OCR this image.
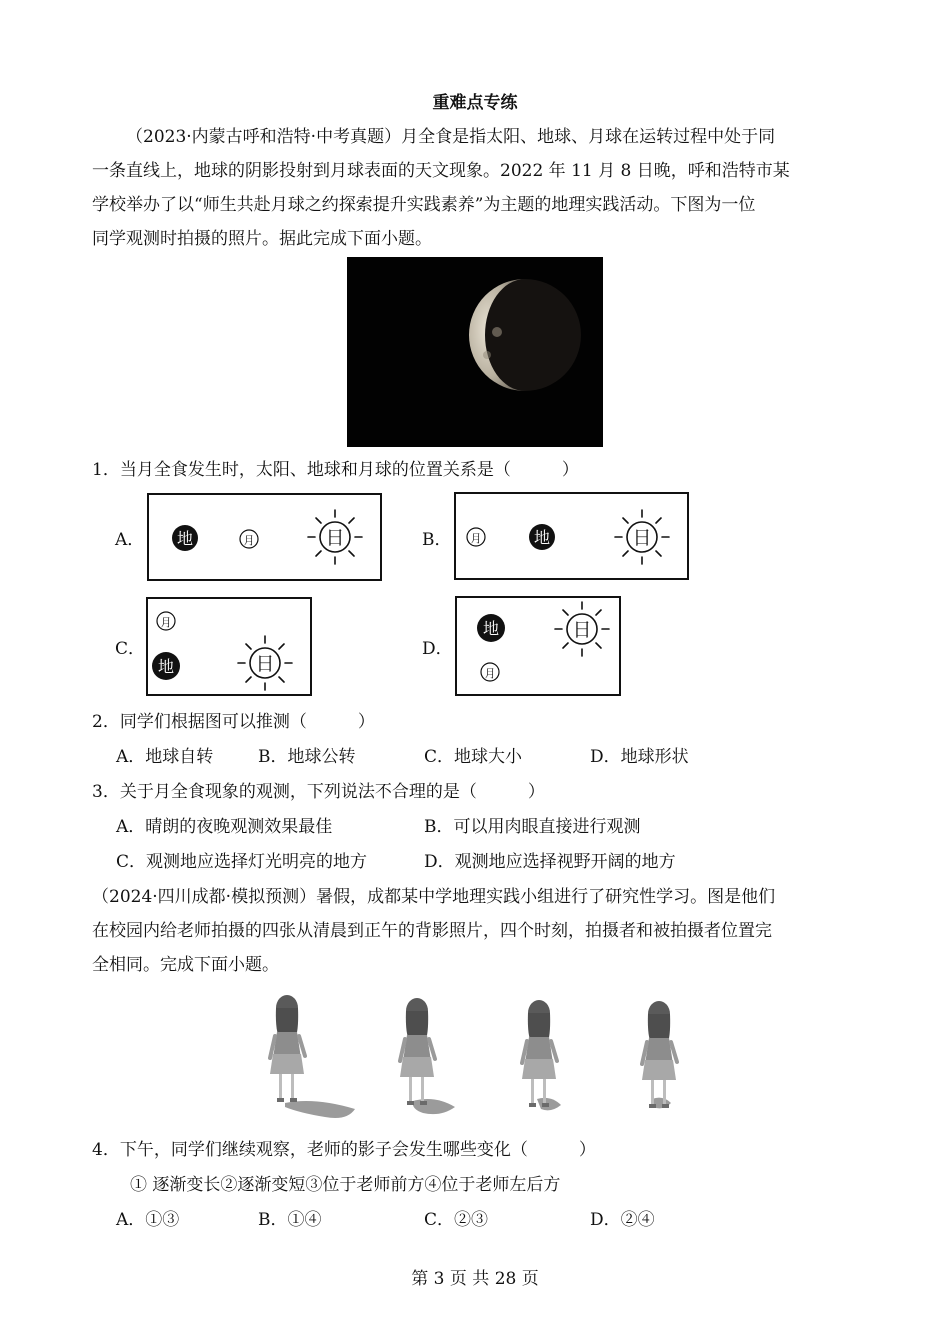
重难点专练
（2023·内蒙古呼和浩特·中考真题）月全食是指太阳、地球、月球在运转过程中处于同
一条直线上，地球的阴影投射到月球表面的天文现象。2022 年 11 月 8 日晚，呼和浩特市某
学校举办了以“师生共赴月球之约探索提升实践素养”为主题的地理实践活动。下图为一位
同学观测时拍摄的照片。据此完成下面小题。
1．当月全食发生时，太阳、地球和月球的位置关系是（　　　）
A． 地	月	日	B． 月	地	日
C．
月
地	日
D．
地
月
日
2．同学们根据图可以推测（　　　）
A．地球自转	B．地球公转	C．地球大小	D．地球形状
3．关于月全食现象的观测，下列说法不合理的是（　　　）
A．晴朗的夜晚观测效果最佳	B．可以用肉眼直接进行观测
C．观测地应选择灯光明亮的地方	D．观测地应选择视野开阔的地方
（2024·四川成都·模拟预测）暑假，成都某中学地理实践小组进行了研究性学习。图是他们
在校园内给老师拍摄的四张从清晨到正午的背影照片，四个时刻，拍摄者和被拍摄者位置完
全相同。完成下面小题。
4．下午，同学们继续观察，老师的影子会发生哪些变化（　　　）
① 逐渐变长②逐渐变短③位于老师前方④位于老师左后方
A．①③	B．①④	C．②③	D．②④
第 3 页 共 28 页
